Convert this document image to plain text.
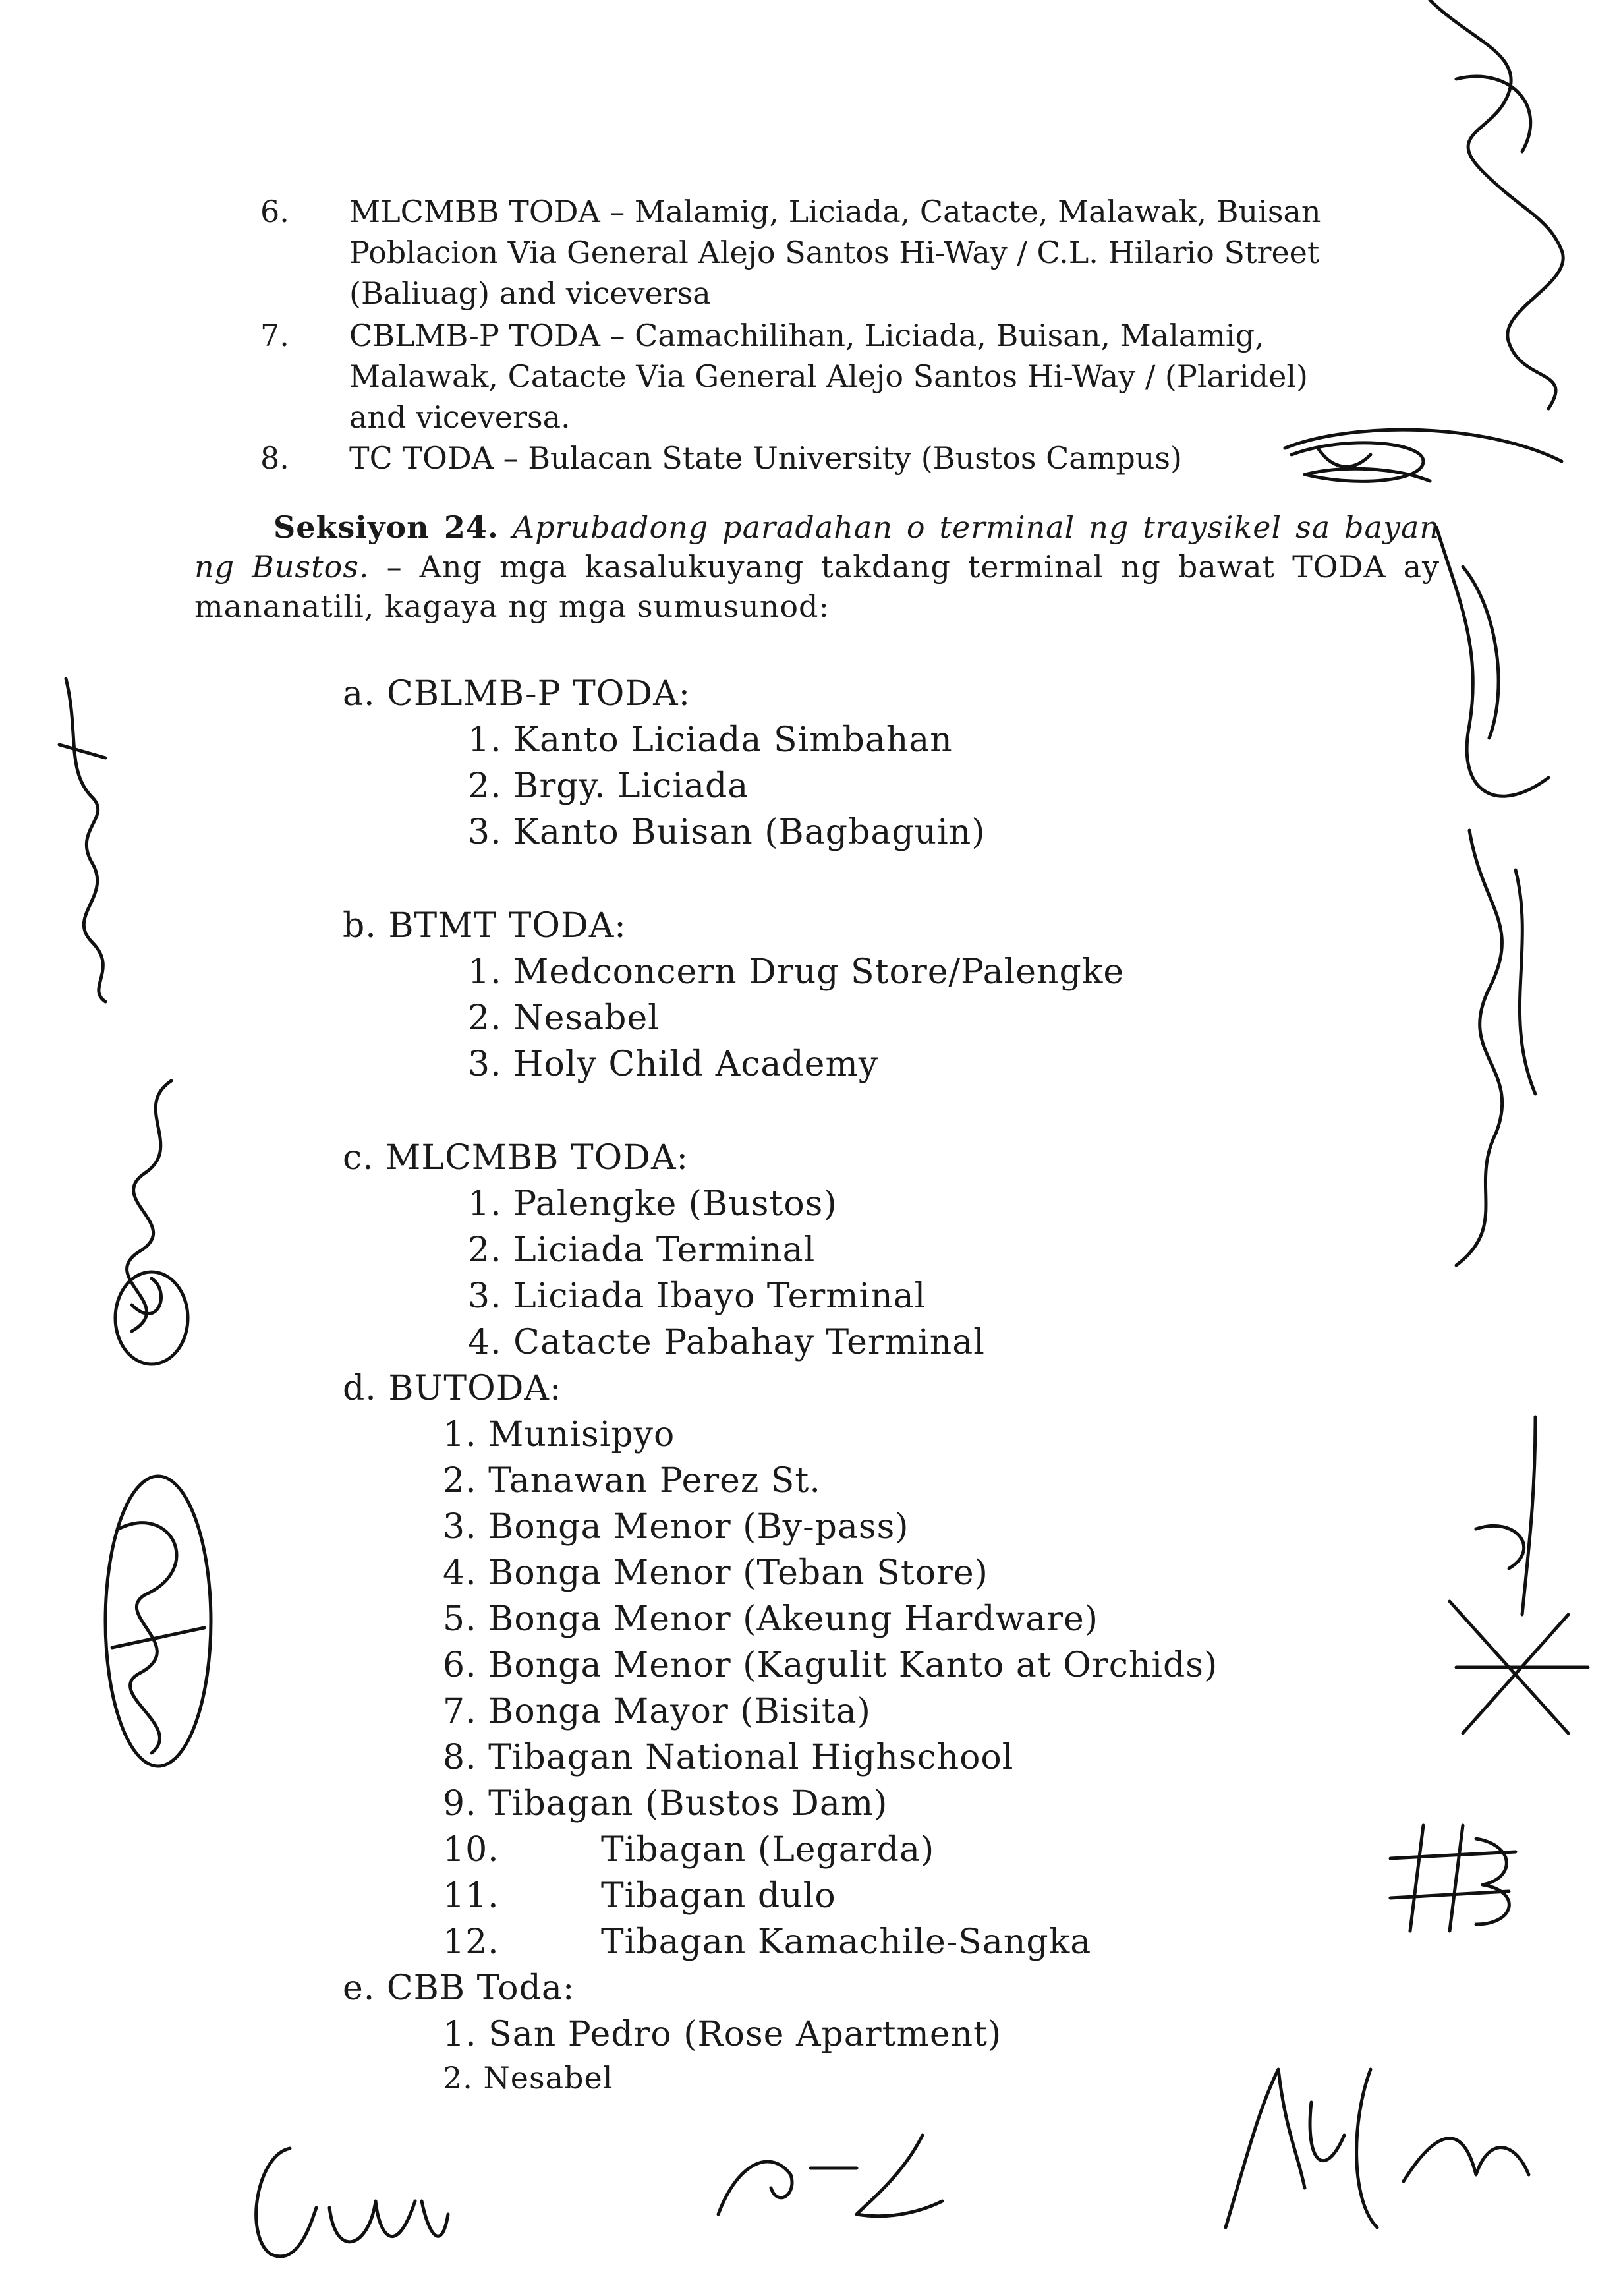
6. MLCMBB TODA – Malamig, Liciada, Catacte, Malawak, Buisan
Poblacion Via General Alejo Santos Hi-Way / C.L. Hilario Street
(Baliuag) and viceversa
7. CBLMB-P TODA – Camachilihan, Liciada, Buisan, Malamig,
Malawak, Catacte Via General Alejo Santos Hi-Way / (Plaridel)
and viceversa.
8. TC TODA – Bulacan State University (Bustos Campus)
Seksiyon 24. Aprubadong paradahan o terminal ng traysikel sa bayan ng Bustos. – Ang mga kasalukuyang takdang terminal ng bawat TODA ay mananatili, kagaya ng mga sumusunod:
a. CBLMB-P TODA:
1. Kanto Liciada Simbahan
2. Brgy. Liciada
3. Kanto Buisan (Bagbaguin)
b. BTMT TODA:
1. Medconcern Drug Store/Palengke
2. Nesabel
3. Holy Child Academy
c. MLCMBB TODA:
1. Palengke (Bustos)
2. Liciada Terminal
3. Liciada Ibayo Terminal
4. Catacte Pabahay Terminal
d. BUTODA:
1. Munisipyo
2. Tanawan Perez St.
3. Bonga Menor (By-pass)
4. Bonga Menor (Teban Store)
5. Bonga Menor (Akeung Hardware)
6. Bonga Menor (Kagulit Kanto at Orchids)
7. Bonga Mayor (Bisita)
8. Tibagan National Highschool
9. Tibagan (Bustos Dam)
10.	Tibagan (Legarda)
11.	Tibagan dulo
12.	Tibagan Kamachile-Sangka
e. CBB Toda:
1. San Pedro (Rose Apartment)
2. Nesabel
